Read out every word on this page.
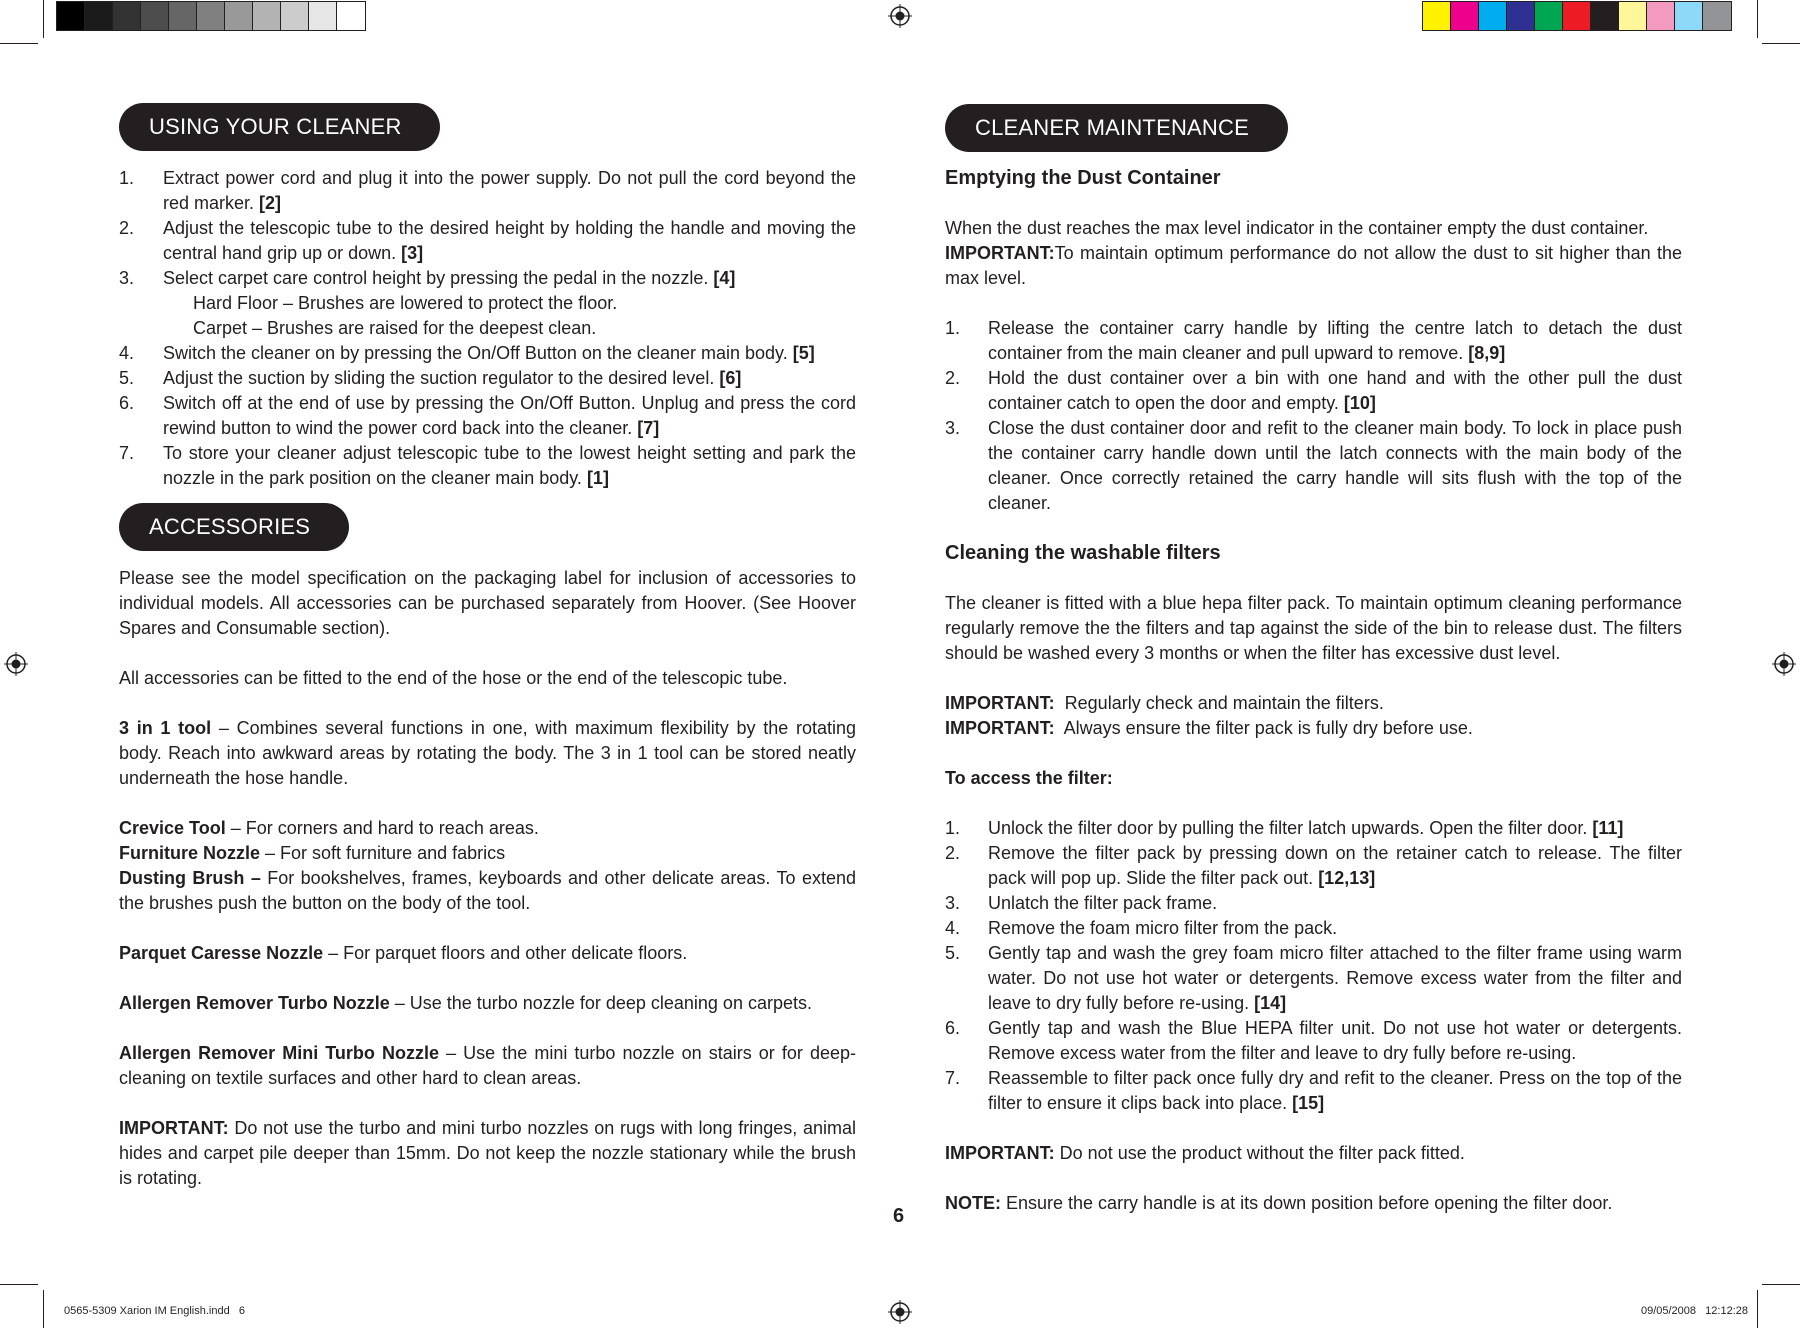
USING YOUR CLEANER
1. Extract power cord and plug it into the power supply. Do not pull the cord beyond the red marker. [2]
2. Adjust the telescopic tube to the desired height by holding the handle and moving the central hand grip up or down. [3]
3. Select carpet care control height by pressing the pedal in the nozzle. [4]
Hard Floor – Brushes are lowered to protect the floor.
Carpet – Brushes are raised for the deepest clean.
4. Switch the cleaner on by pressing the On/Off Button on the cleaner main body. [5]
5. Adjust the suction by sliding the suction regulator to the desired level. [6]
6. Switch off at the end of use by pressing the On/Off Button. Unplug and press the cord rewind button to wind the power cord back into the cleaner. [7]
7. To store your cleaner adjust telescopic tube to the lowest height setting and park the nozzle in the park position on the cleaner main body. [1]
ACCESSORIES

Please see the model specification on the packaging label for inclusion of accessories to individual models. All accessories can be purchased separately from Hoover. (See Hoover Spares and Consumable section).

All accessories can be fitted to the end of the hose or the end of the telescopic tube.

3 in 1 tool – Combines several functions in one, with maximum flexibility by the rotating body. Reach into awkward areas by rotating the body. The 3 in 1 tool can be stored neatly underneath the hose handle.

Crevice Tool – For corners and hard to reach areas.

Furniture Nozzle – For soft furniture and fabrics

Dusting Brush – For bookshelves, frames, keyboards and other delicate areas. To extend the brushes push the button on the body of the tool.

Parquet Caresse Nozzle – For parquet floors and other delicate floors.

Allergen Remover Turbo Nozzle – Use the turbo nozzle for deep cleaning on carpets.

Allergen Remover Mini Turbo Nozzle – Use the mini turbo nozzle on stairs or for deep-cleaning on textile surfaces and other hard to clean areas.

IMPORTANT: Do not use the turbo and mini turbo nozzles on rugs with long fringes, animal hides and carpet pile deeper than 15mm. Do not keep the nozzle stationary while the brush is rotating.

6
CLEANER MAINTENANCE
Emptying the Dust Container

When the dust reaches the max level indicator in the container empty the dust container.

IMPORTANT:To maintain optimum performance do not allow the dust to sit higher than the max level.

1. Release the container carry handle by lifting the centre latch to detach the dust container from the main cleaner and pull upward to remove. [8,9]
2. Hold the dust container over a bin with one hand and with the other pull the dust container catch to open the door and empty. [10]
3. Close the dust container door and refit to the cleaner main body. To lock in place push the container carry handle down until the latch connects with the main body of the cleaner. Once correctly retained the carry handle will sits flush with the top of the cleaner.
Cleaning the washable filters

The cleaner is fitted with a blue hepa filter pack. To maintain optimum cleaning performance regularly remove the the filters and tap against the side of the bin to release dust. The filters should be washed every 3 months or when the filter has excessive dust level.

IMPORTANT:  Regularly check and maintain the filters.

IMPORTANT:  Always ensure the filter pack is fully dry before use.

To access the filter:

1. Unlock the filter door by pulling the filter latch upwards. Open the filter door. [11]
2. Remove the filter pack by pressing down on the retainer catch to release. The filter pack will pop up. Slide the filter pack out. [12,13]
3. Unlatch the filter pack frame.
4. Remove the foam micro filter from the pack.
5. Gently tap and wash the grey foam micro filter attached to the filter frame using warm water. Do not use hot water or detergents. Remove excess water from the filter and leave to dry fully before re-using. [14]
6. Gently tap and wash the Blue HEPA filter unit. Do not use hot water or detergents. Remove excess water from the filter and leave to dry fully before re-using.
7. Reassemble to filter pack once fully dry and refit to the cleaner. Press on the top of the filter to ensure it clips back into place. [15]

IMPORTANT: Do not use the product without the filter pack fitted.

NOTE: Ensure the carry handle is at its down position before opening the filter door.

0565-5309 Xarion IM English.indd   6	09/05/2008   12:12:28
